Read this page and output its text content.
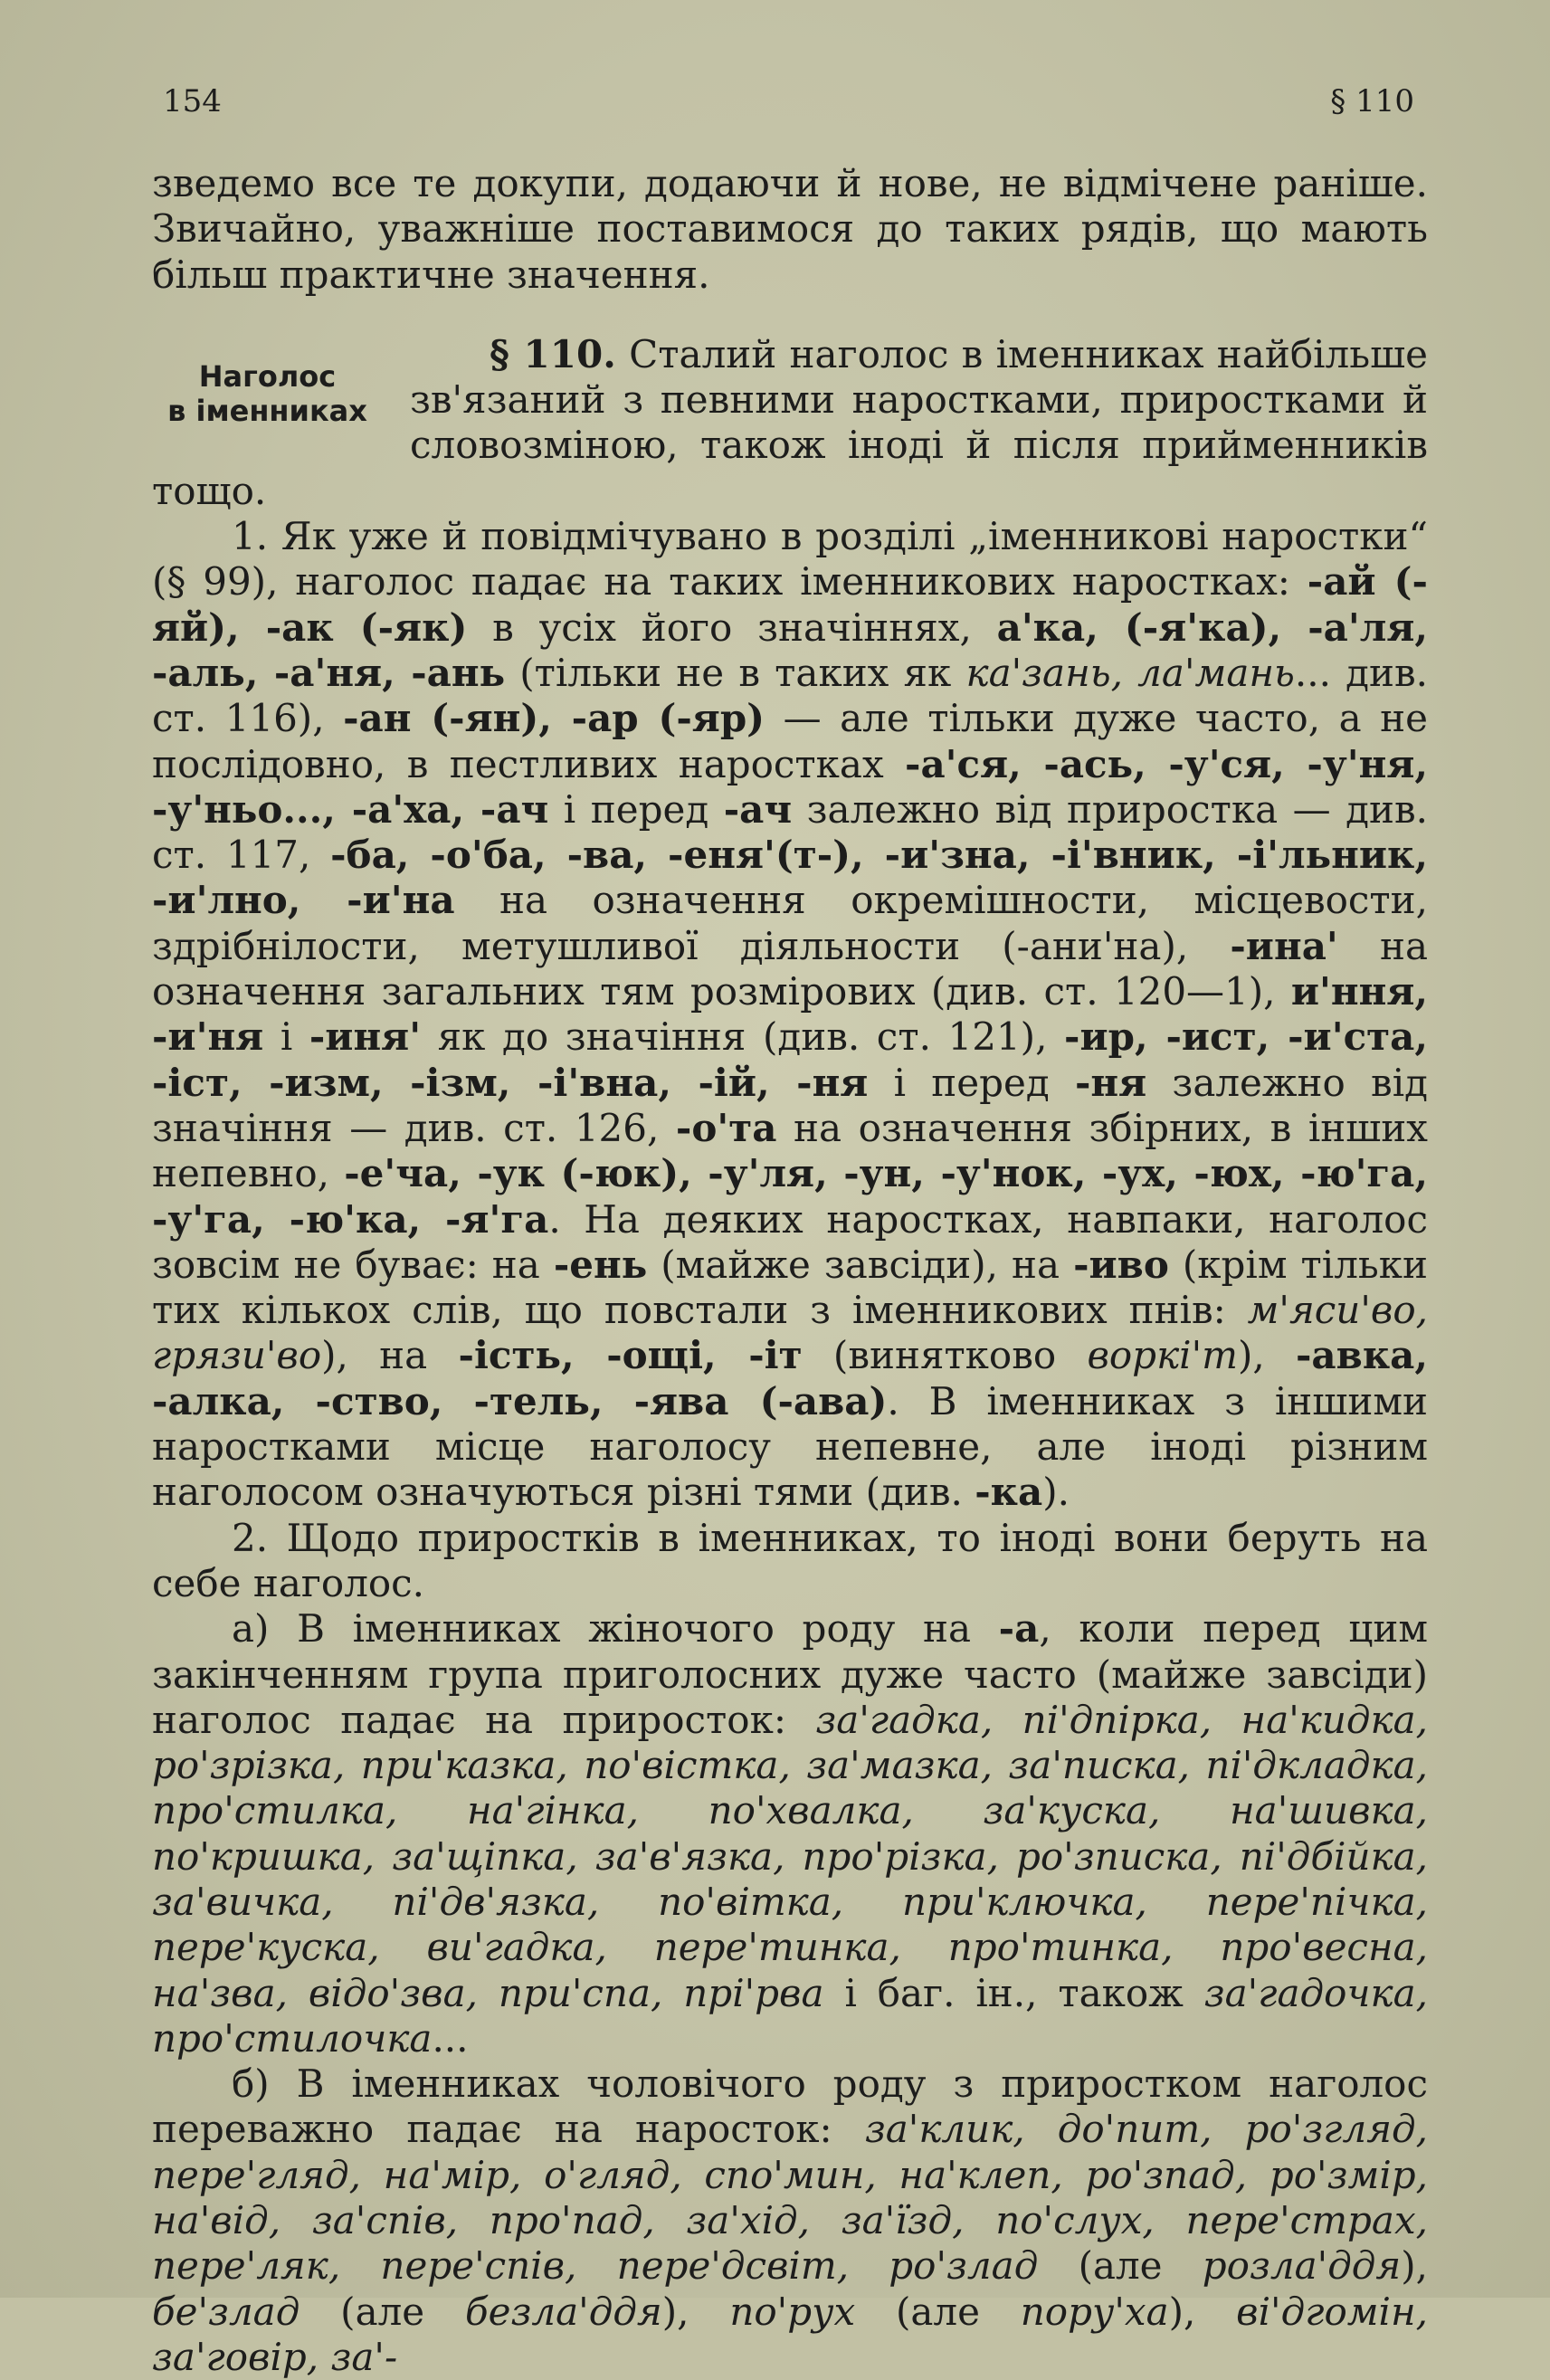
154	§ 110

зведемо все те докупи, додаючи й нове, не відмічене раніше. Звичайно, уважніше поставимося до таких рядів, що мають більш практичне значення.

Наголос
в іменниках

§ 110. Сталий наголос в іменниках найбільше зв'язаний з певними наростками, приростками й словозміною, також іноді й після прийменників тощо.

1. Як уже й повідмічувано в розділі „іменникові наростки“ (§ 99), наголос падає на таких іменникових наростках: -ай (-яй), -ак (-як) в усіх його значіннях, а'ка, (-я'ка), -а'ля, -аль, -а'ня, -ань (тільки не в таких як ка'зань, ла'мань... див. ст. 116), -ан (-ян), -ар (-яр) — але тільки дуже часто, а не послідовно, в пестливих наростках -а'ся, -ась, -у'ся, -у'ня, -у'ньо..., -а'ха, -ач і перед -ач залежно від приростка — див. ст. 117, -ба, -о'ба, -ва, -еня'(т-), -и'зна, -і'вник, -і'льник, -и'лно, -и'на на означення окремішности, місцевости, здрібнілости, метушливої діяльности (-ани'на), -ина' на означення загальних тям розмірових (див. ст. 120—1), и'ння, -и'ня і -иня' як до значіння (див. ст. 121), -ир, -ист, -и'ста, -іст, -изм, -ізм, -і'вна, -ій, -ня і перед -ня залежно від значіння — див. ст. 126, -о'та на означення збірних, в інших непевно, -е'ча, -ук (-юк), -у'ля, -ун, -у'нок, -ух, -юх, -ю'га, -у'га, -ю'ка, -я'га. На деяких наростках, навпаки, наголос зовсім не буває: на -ень (майже завсіди), на -иво (крім тільки тих кількох слів, що повстали з іменникових пнів: м'яси'во, грязи'во), на -ість, -ощі, -іт (винятково воркі'т), -авка, -алка, -ство, -тель, -ява (-ава). В іменниках з іншими наростками місце наголосу непевне, але іноді різним наголосом означуються різні тями (див. -ка).

2. Щодо приростків в іменниках, то іноді вони беруть на себе наголос.

а) В іменниках жіночого роду на -а, коли перед цим закінченням група приголосних дуже часто (майже завсіди) наголос падає на приросток: за'гадка, пі'дпірка, на'кидка, ро'зрізка, при'казка, по'вістка, за'мазка, за'писка, пі'дкладка, про'стилка, на'гінка, по'хвалка, за'куска, на'шивка, по'кришка, за'щіпка, за'в'язка, про'різка, ро'зписка, пі'дбійка, за'вичка, пі'дв'язка, по'вітка, при'ключка, пере'пічка, пере'куска, ви'гадка, пере'тинка, про'тинка, про'весна, на'зва, відо'зва, при'спа, прі'рва і баг. ін., також за'гадочка, про'стилочка...

б) В іменниках чоловічого роду з приростком наголос переважно падає на наросток: за'клик, до'пит, ро'згляд, пере'гляд, на'мір, о'гляд, спо'мин, на'клеп, ро'зпад, ро'змір, на'від, за'спів, про'пад, за'хід, за'їзд, по'слух, пере'страх, пере'ляк, пере'спів, пере'дсвіт, ро'злад (але розла'ддя), бе'злад (але безла'ддя), по'рух (але пору'ха), ві'дгомін, за'говір, за'-
